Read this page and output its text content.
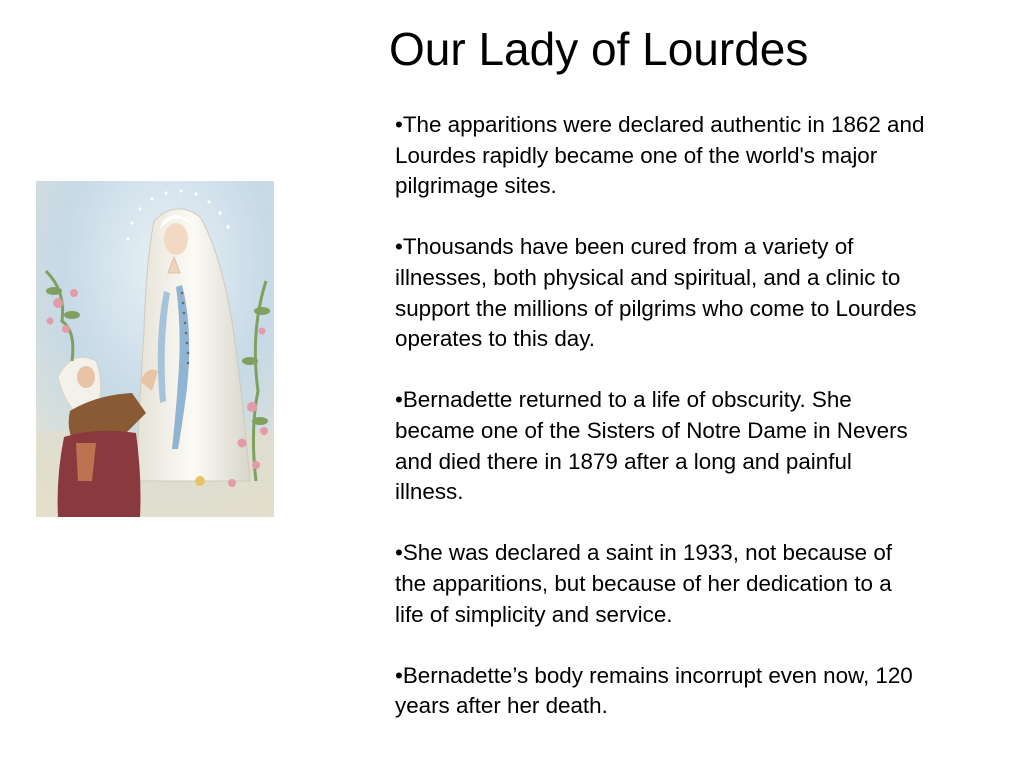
Our Lady of Lourdes
•The apparitions were declared authentic in 1862 and Lourdes rapidly became one of the world's major pilgrimage sites.
•Thousands have been cured from a variety of illnesses, both physical and spiritual, and a clinic to support the millions of pilgrims who come to Lourdes operates to this day.
•Bernadette returned to a life of obscurity. She became one of the Sisters of Notre Dame in Nevers and died there in 1879 after a long and painful illness.
•She was declared a saint in 1933, not because of the apparitions, but because of her dedication to a life of simplicity and service.
•Bernadette’s body remains incorrupt even now, 120 years after her death.
